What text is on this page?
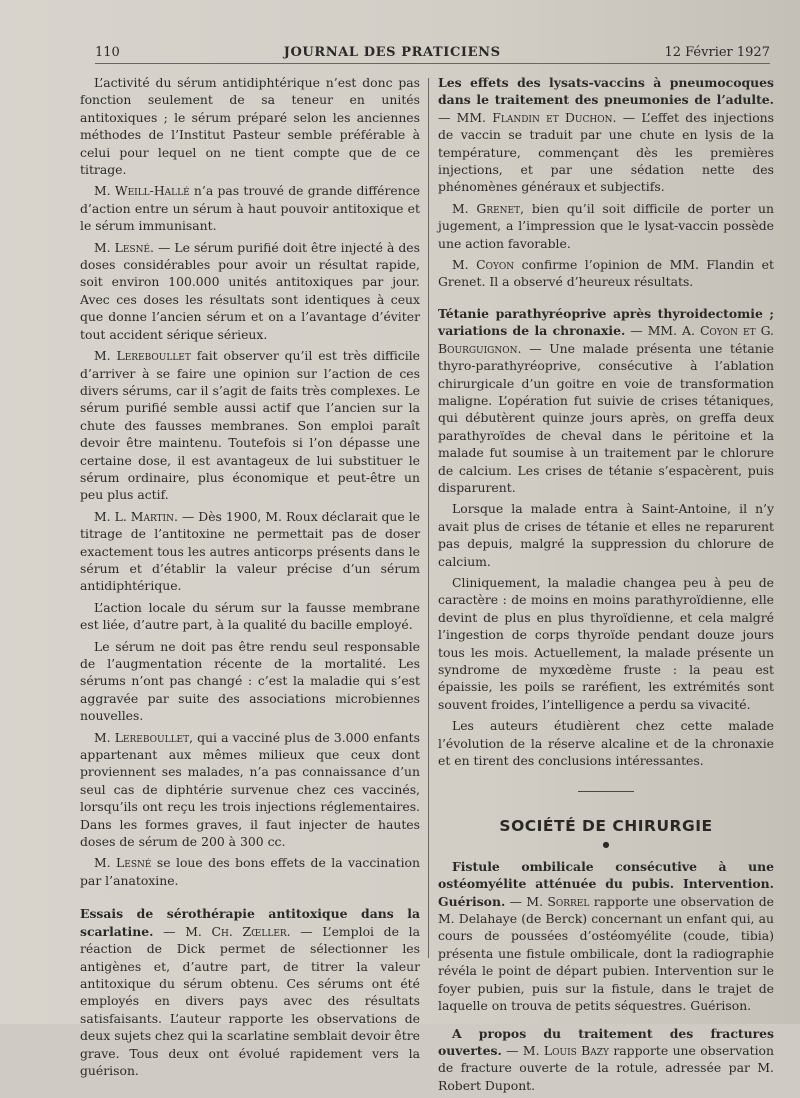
110	JOURNAL DES PRATICIENS	12 Février 1927

L’activité du sérum antidiphtérique n’est donc pas fonction seulement de sa teneur en unités antitoxiques ; le sérum préparé selon les anciennes méthodes de l’Institut Pasteur semble préférable à celui pour lequel on ne tient compte que de ce titrage.

M. Weill-Hallé n’a pas trouvé de grande différence d’action entre un sérum à haut pouvoir antitoxique et le sérum immunisant.

M. Lesné. — Le sérum purifié doit être injecté à des doses considérables pour avoir un résultat rapide, soit environ 100.000 unités antitoxiques par jour. Avec ces doses les résultats sont identiques à ceux que donne l’ancien sérum et on a l’avantage d’éviter tout accident sérique sérieux.

M. Lereboullet fait observer qu’il est très difficile d’arriver à se faire une opinion sur l’action de ces divers sérums, car il s’agit de faits très complexes. Le sérum purifié semble aussi actif que l’ancien sur la chute des fausses membranes. Son emploi paraît devoir être maintenu. Toutefois si l’on dépasse une certaine dose, il est avantageux de lui substituer le sérum ordinaire, plus économique et peut-être un peu plus actif.

M. L. Martin. — Dès 1900, M. Roux déclarait que le titrage de l’antitoxine ne permettait pas de doser exactement tous les autres anticorps présents dans le sérum et d’établir la valeur précise d’un sérum antidiphtérique.

L’action locale du sérum sur la fausse membrane est liée, d’autre part, à la qualité du bacille employé.

Le sérum ne doit pas être rendu seul responsable de l’augmentation récente de la mortalité. Les sérums n’ont pas changé : c’est la maladie qui s’est aggravée par suite des associations microbiennes nouvelles.

M. Lereboullet, qui a vacciné plus de 3.000 enfants appartenant aux mêmes milieux que ceux dont proviennent ses malades, n’a pas connaissance d’un seul cas de diphtérie survenue chez ces vaccinés, lorsqu’ils ont reçu les trois injections réglementaires. Dans les formes graves, il faut injecter de hautes doses de sérum de 200 à 300 cc.

M. Lesné se loue des bons effets de la vaccination par l’anatoxine.

Essais de sérothérapie antitoxique dans la scarlatine. — M. Ch. Zœller. — L’emploi de la réaction de Dick permet de sélectionner les antigènes et, d’autre part, de titrer la valeur antitoxique du sérum obtenu. Ces sérums ont été employés en divers pays avec des résultats satisfaisants. L’auteur rapporte les observations de deux sujets chez qui la scarlatine semblait devoir être grave. Tous deux ont évolué rapidement vers la guérison.

Les effets des lysats-vaccins à pneumocoques dans le traitement des pneumonies de l’adulte. — MM. Flandin et Duchon. — L’effet des injections de vaccin se traduit par une chute en lysis de la température, commençant dès les premières injections, et par une sédation nette des phénomènes généraux et subjectifs.

M. Grenet, bien qu’il soit difficile de porter un jugement, a l’impression que le lysat-vaccin possède une action favorable.

M. Coyon confirme l’opinion de MM. Flandin et Grenet. Il a observé d’heureux résultats.

Tétanie parathyréoprive après thyroidectomie ; variations de la chronaxie. — MM. A. Coyon et G. Bourguignon. — Une malade présenta une tétanie thyro-parathyréoprive, consécutive à l’ablation chirurgicale d’un goitre en voie de transformation maligne. L’opération fut suivie de crises tétaniques, qui débutèrent quinze jours après, on greffa deux parathyroïdes de cheval dans le péritoine et la malade fut soumise à un traitement par le chlorure de calcium. Les crises de tétanie s’espacèrent, puis disparurent.

Lorsque la malade entra à Saint-Antoine, il n’y avait plus de crises de tétanie et elles ne reparurent pas depuis, malgré la suppression du chlorure de calcium.

Cliniquement, la maladie changea peu à peu de caractère : de moins en moins parathyroïdienne, elle devint de plus en plus thyroïdienne, et cela malgré l’ingestion de corps thyroïde pendant douze jours tous les mois. Actuellement, la malade présente un syndrome de myxœdème fruste : la peau est épaissie, les poils se raréfient, les extrémités sont souvent froides, l’intelligence a perdu sa vivacité.

Les auteurs étudièrent chez cette malade l’évolution de la réserve alcaline et de la chronaxie et en tirent des conclusions intéressantes.

SOCIÉTÉ DE CHIRURGIE
●

Fistule ombilicale consécutive à une ostéomyélite atténuée du pubis. Intervention. Guérison. — M. Sorrel rapporte une observation de M. Delahaye (de Berck) concernant un enfant qui, au cours de poussées d’ostéomyélite (coude, tibia) présenta une fistule ombilicale, dont la radiographie révéla le point de départ pubien. Intervention sur le foyer pubien, puis sur la fistule, dans le trajet de laquelle on trouva de petits séquestres. Guérison.

A propos du traitement des fractures ouvertes. — M. Louis Bazy rapporte une observation de fracture ouverte de la rotule, adressée par M. Robert Dupont.
